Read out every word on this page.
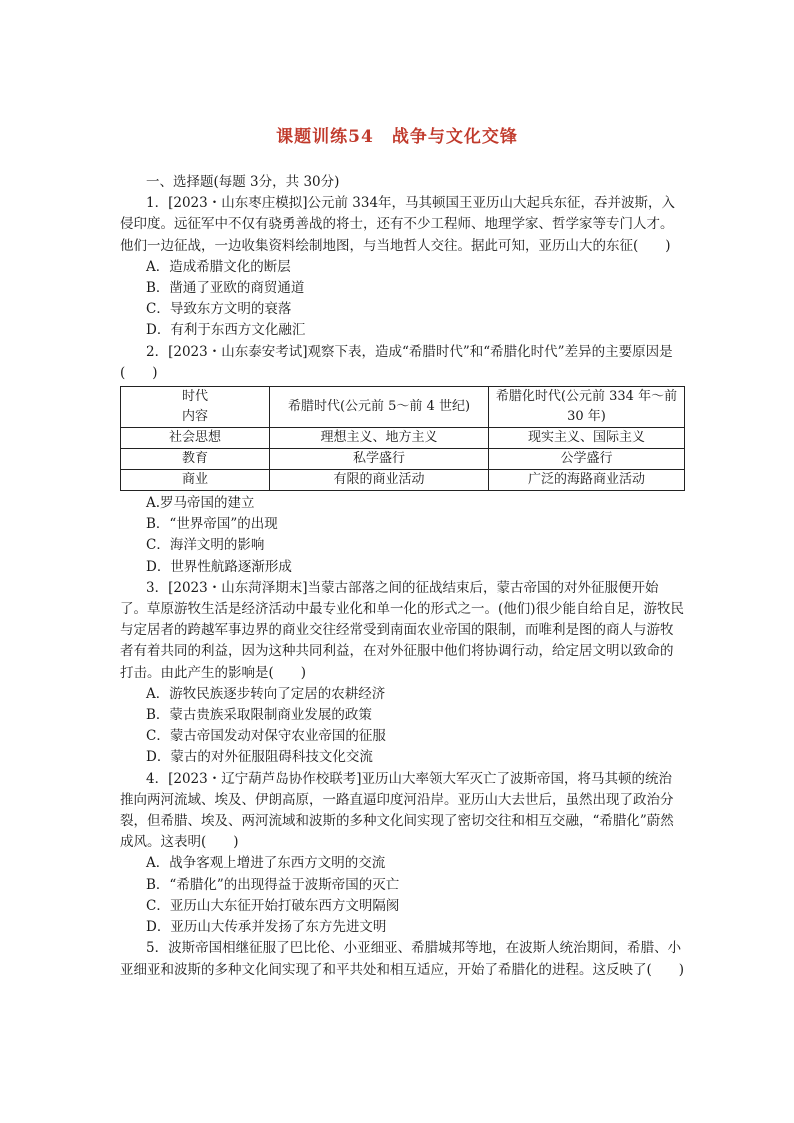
课题训练54　战争与文化交锋

一、选择题(每题 3分，共 30分)

1．[2023・山东枣庄模拟]公元前 334年，马其顿国王亚历山大起兵东征，吞并波斯，入侵印度。远征军中不仅有骁勇善战的将士，还有不少工程师、地理学家、哲学家等专门人才。他们一边征战，一边收集资料绘制地图，与当地哲人交往。据此可知，亚历山大的东征(　　)

A．造成希腊文化的断层

B．凿通了亚欧的商贸通道

C．导致东方文明的衰落

D．有利于东西方文化融汇

2．[2023・山东泰安考试]观察下表，造成“希腊时代”和“希腊化时代”差异的主要原因是(　　)

时代
内容	希腊时代(公元前 5～前 4 世纪)	希腊化时代(公元前 334 年～前 30 年)
社会思想	理想主义、地方主义	现实主义、国际主义
教育	私学盛行	公学盛行
商业	有限的商业活动	广泛的海路商业活动

A.罗马帝国的建立

B．“世界帝国”的出现

C．海洋文明的影响

D．世界性航路逐渐形成

3．[2023・山东菏泽期末]当蒙古部落之间的征战结束后，蒙古帝国的对外征服便开始了。草原游牧生活是经济活动中最专业化和单一化的形式之一。(他们)很少能自给自足，游牧民与定居者的跨越军事边界的商业交往经常受到南面农业帝国的限制，而唯利是图的商人与游牧者有着共同的利益，因为这种共同利益，在对外征服中他们将协调行动，给定居文明以致命的打击。由此产生的影响是(　　)

A．游牧民族逐步转向了定居的农耕经济

B．蒙古贵族采取限制商业发展的政策

C．蒙古帝国发动对保守农业帝国的征服

D．蒙古的对外征服阻碍科技文化交流

4．[2023・辽宁葫芦岛协作校联考]亚历山大率领大军灭亡了波斯帝国，将马其顿的统治推向两河流域、埃及、伊朗高原，一路直逼印度河沿岸。亚历山大去世后，虽然出现了政治分裂，但希腊、埃及、两河流域和波斯的多种文化间实现了密切交往和相互交融，“希腊化”蔚然成风。这表明(　　)

A．战争客观上增进了东西方文明的交流

B．“希腊化”的出现得益于波斯帝国的灭亡

C．亚历山大东征开始打破东西方文明隔阂

D．亚历山大传承并发扬了东方先进文明

5．波斯帝国相继征服了巴比伦、小亚细亚、希腊城邦等地，在波斯人统治期间，希腊、小亚细亚和波斯的多种文化间实现了和平共处和相互适应，开始了希腊化的进程。这反映了(　　)
